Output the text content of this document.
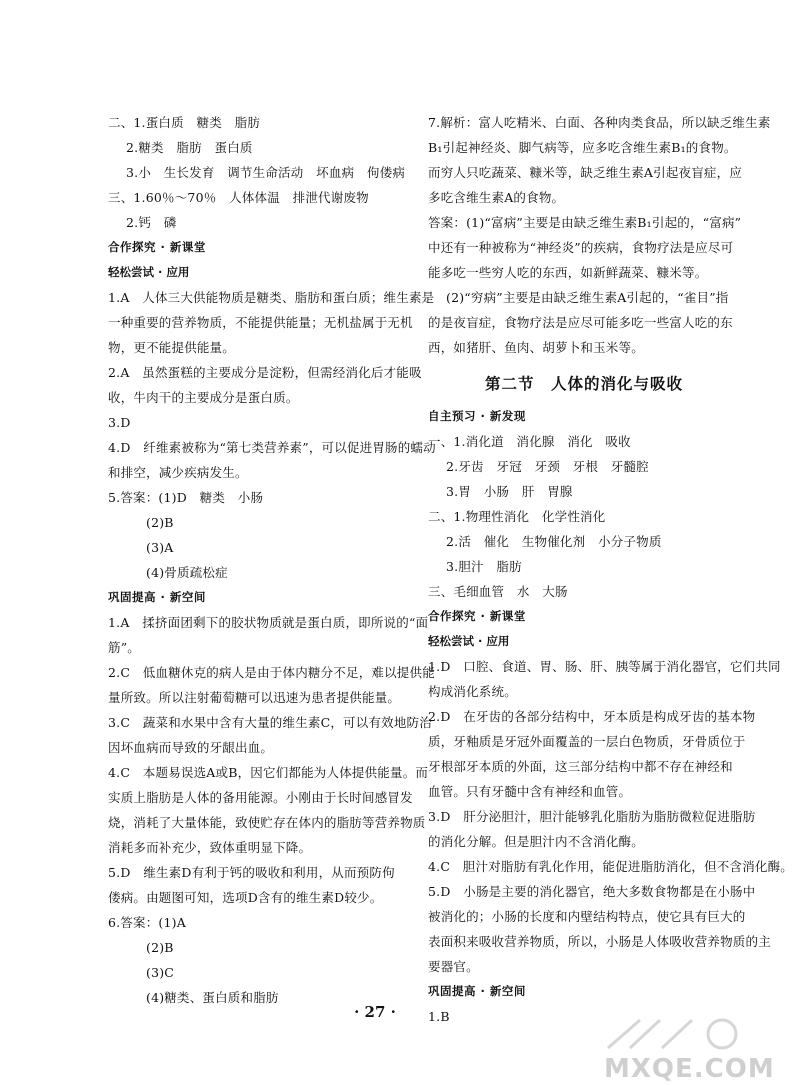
二、1.蛋白质　糖类　脂肪
2.糖类　脂肪　蛋白质
3.小　生长发育　调节生命活动　坏血病　佝偻病
三、1.60％～70％　人体体温　排泄代谢废物
2.钙　磷
合作探究 · 新课堂
轻松尝试 · 应用
1.A　人体三大供能物质是糖类、脂肪和蛋白质；维生素是
一种重要的营养物质，不能提供能量；无机盐属于无机
物，更不能提供能量。
2.A　虽然蛋糕的主要成分是淀粉，但需经消化后才能吸
收，牛肉干的主要成分是蛋白质。
3.D
4.D　纤维素被称为“第七类营养素”，可以促进胃肠的蠕动
和排空，减少疾病发生。
5.答案：(1)D　糖类　小肠
(2)B
(3)A
(4)骨质疏松症
巩固提高 · 新空间
1.A　揉挤面团剩下的胶状物质就是蛋白质，即所说的“面
筋”。
2.C　低血糖休克的病人是由于体内糖分不足，难以提供能
量所致。所以注射葡萄糖可以迅速为患者提供能量。
3.C　蔬菜和水果中含有大量的维生素C，可以有效地防治
因坏血病而导致的牙龈出血。
4.C　本题易误选A或B，因它们都能为人体提供能量。而
实质上脂肪是人体的备用能源。小刚由于长时间感冒发
烧，消耗了大量体能，致使贮存在体内的脂肪等营养物质
消耗多而补充少，致体重明显下降。
5.D　维生素D有利于钙的吸收和利用，从而预防佝
偻病。由题图可知，选项D含有的维生素D较少。
6.答案：(1)A
(2)B
(3)C
(4)糖类、蛋白质和脂肪
7.解析：富人吃精米、白面、各种肉类食品，所以缺乏维生素
B₁引起神经炎、脚气病等，应多吃含维生素B₁的食物。
而穷人只吃蔬菜、糠米等，缺乏维生素A引起夜盲症，应
多吃含维生素A的食物。
答案：(1)“富病”主要是由缺乏维生素B₁引起的，“富病”
中还有一种被称为“神经炎”的疾病，食物疗法是应尽可
能多吃一些穷人吃的东西，如新鲜蔬菜、糠米等。
(2)“穷病”主要是由缺乏维生素A引起的，“雀目”指
的是夜盲症，食物疗法是应尽可能多吃一些富人吃的东
西，如猪肝、鱼肉、胡萝卜和玉米等。
第二节　人体的消化与吸收
自主预习 · 新发现
一、1.消化道　消化腺　消化　吸收
2.牙齿　牙冠　牙颈　牙根　牙髓腔
3.胃　小肠　肝　胃腺
二、1.物理性消化　化学性消化
2.活　催化　生物催化剂　小分子物质
3.胆汁　脂肪
三、毛细血管　水　大肠
合作探究 · 新课堂
轻松尝试 · 应用
1.D　口腔、食道、胃、肠、肝、胰等属于消化器官，它们共同
构成消化系统。
2.D　在牙齿的各部分结构中，牙本质是构成牙齿的基本物
质，牙釉质是牙冠外面覆盖的一层白色物质，牙骨质位于
牙根部牙本质的外面，这三部分结构中都不存在神经和
血管。只有牙髓中含有神经和血管。
3.D　肝分泌胆汁，胆汁能够乳化脂肪为脂肪微粒促进脂肪
的消化分解。但是胆汁内不含消化酶。
4.C　胆汁对脂肪有乳化作用，能促进脂肪消化，但不含消化酶。
5.D　小肠是主要的消化器官，绝大多数食物都是在小肠中
被消化的；小肠的长度和内壁结构特点，使它具有巨大的
表面积来吸收营养物质，所以，小肠是人体吸收营养物质的主
要器官。
巩固提高 · 新空间
1.B
· 27 ·
MXQE.COM
